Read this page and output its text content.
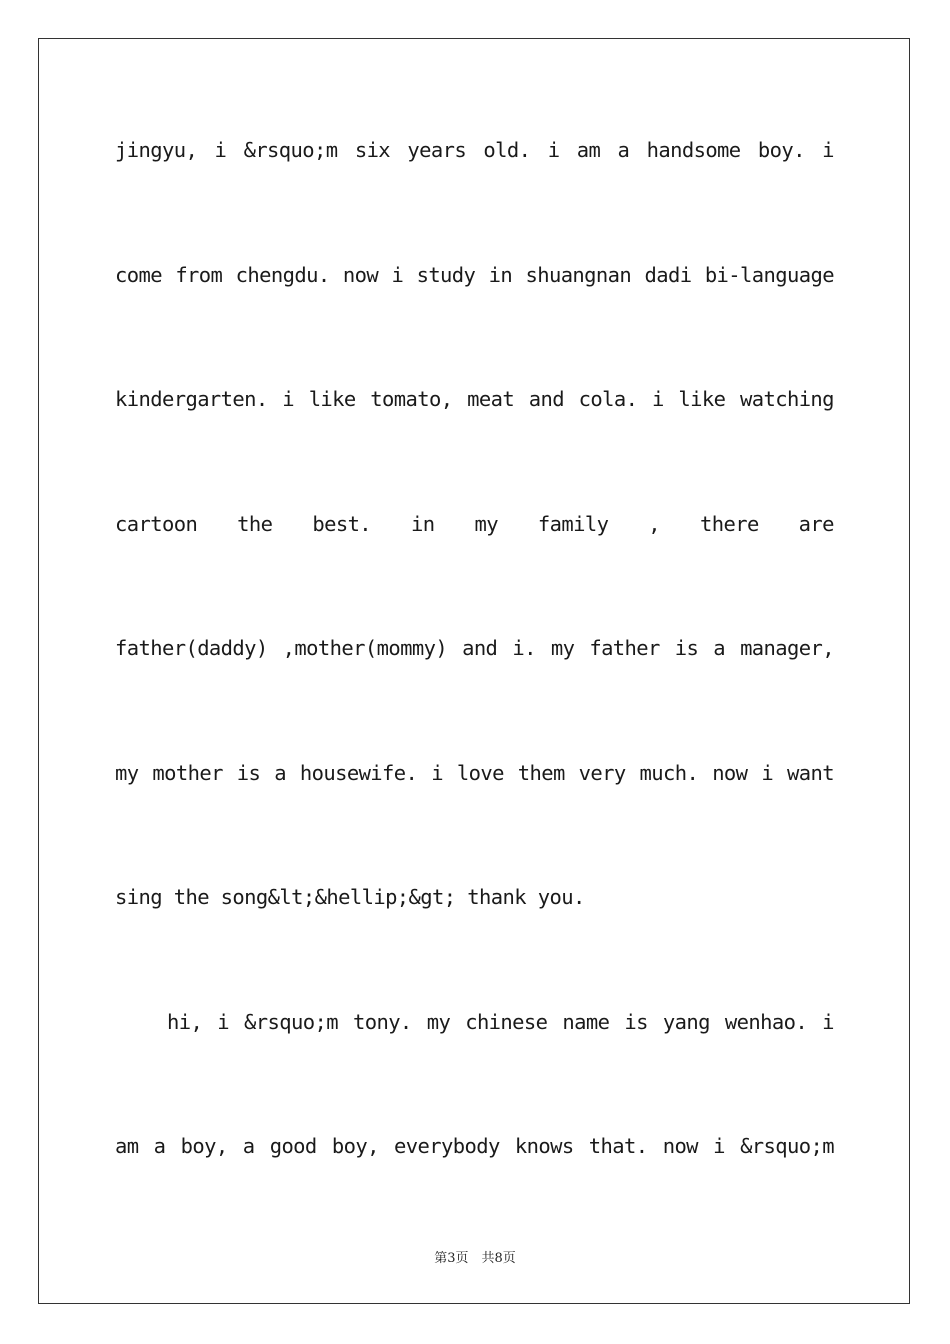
jingyu, i &rsquo;m six years old. i am a handsome boy. i
come from chengdu. now i study in shuangnan dadi bi-language
kindergarten. i like tomato, meat and cola. i like watching
cartoon the best. in my family , there are
father(daddy) ,mother(mommy) and i. my father is a manager,
my mother is a housewife. i love them very much. now i want
sing the song&lt;&hellip;&gt; thank you.
hi, i &rsquo;m tony. my chinese name is yang wenhao. i
am a boy, a good boy, everybody knows that. now i &rsquo;m
第3页　共8页
